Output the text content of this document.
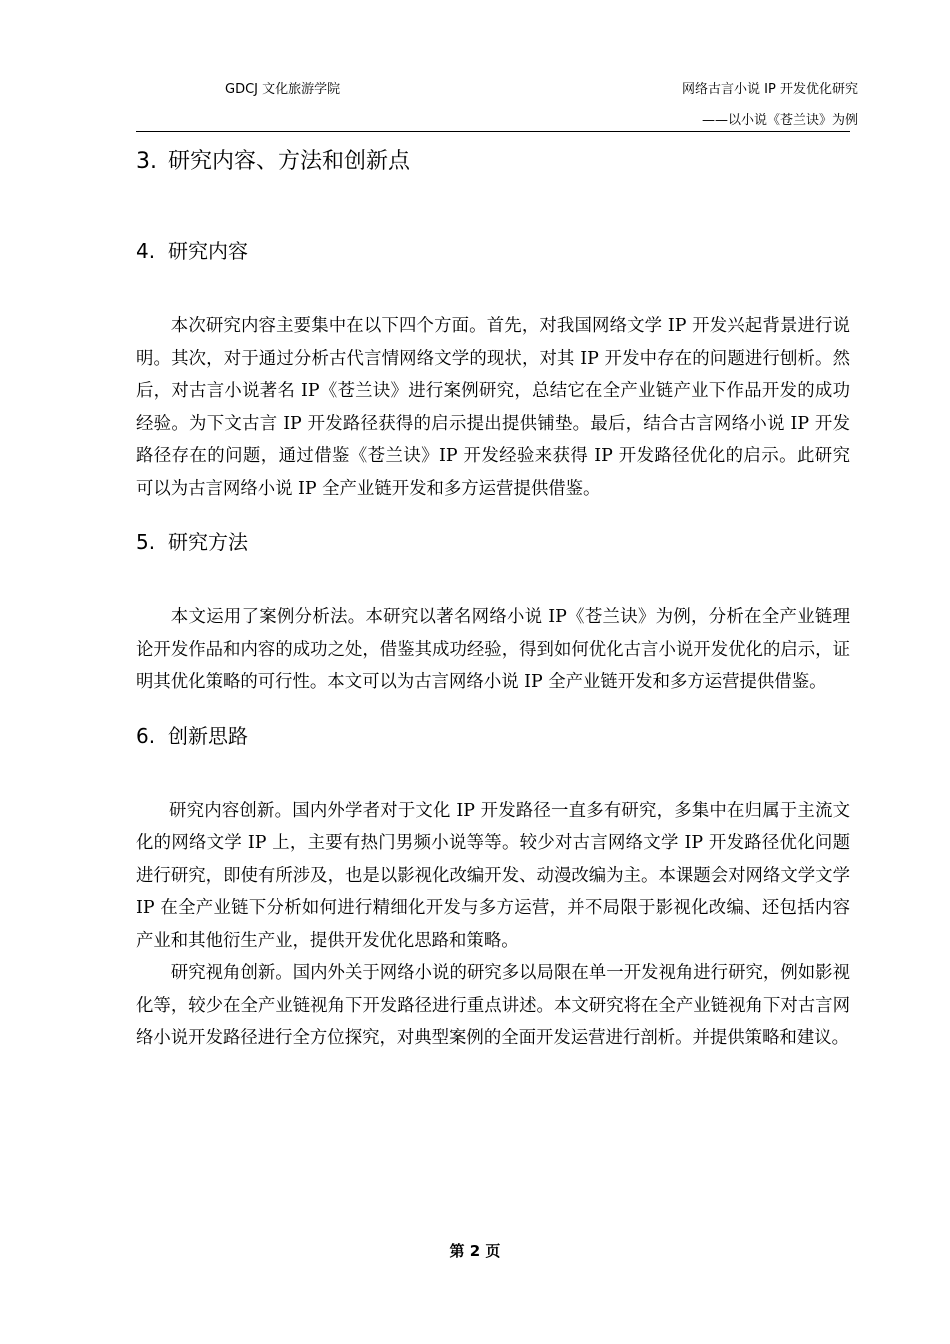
GDCJ 文化旅游学院	网络古言小说 IP 开发优化研究
——以小说《苍兰诀》为例
3. 研究内容、方法和创新点
4. 研究内容

本次研究内容主要集中在以下四个方面。首先，对我国网络文学 IP 开发兴起背景进行说明。其次，对于通过分析古代言情网络文学的现状，对其 IP 开发中存在的问题进行刨析。然后，对古言小说著名 IP《苍兰诀》进行案例研究，总结它在全产业链产业下作品开发的成功经验。为下文古言 IP 开发路径获得的启示提出提供铺垫。最后，结合古言网络小说 IP 开发路径存在的问题，通过借鉴《苍兰诀》IP 开发经验来获得 IP 开发路径优化的启示。此研究可以为古言网络小说 IP 全产业链开发和多方运营提供借鉴。

5. 研究方法

本文运用了案例分析法。本研究以著名网络小说 IP《苍兰诀》为例，分析在全产业链理论开发作品和内容的成功之处，借鉴其成功经验，得到如何优化古言小说开发优化的启示，证明其优化策略的可行性。本文可以为古言网络小说 IP 全产业链开发和多方运营提供借鉴。

6. 创新思路

研究内容创新。国内外学者对于文化 IP 开发路径一直多有研究，多集中在归属于主流文化的网络文学 IP 上，主要有热门男频小说等等。较少对古言网络文学 IP 开发路径优化问题进行研究，即使有所涉及，也是以影视化改编开发、动漫改编为主。本课题会对网络文学文学 IP 在全产业链下分析如何进行精细化开发与多方运营，并不局限于影视化改编、还包括内容产业和其他衍生产业，提供开发优化思路和策略。

研究视角创新。国内外关于网络小说的研究多以局限在单一开发视角进行研究，例如影视化等，较少在全产业链视角下开发路径进行重点讲述。本文研究将在全产业链视角下对古言网络小说开发路径进行全方位探究，对典型案例的全面开发运营进行剖析。并提供策略和建议。

第 2 页
